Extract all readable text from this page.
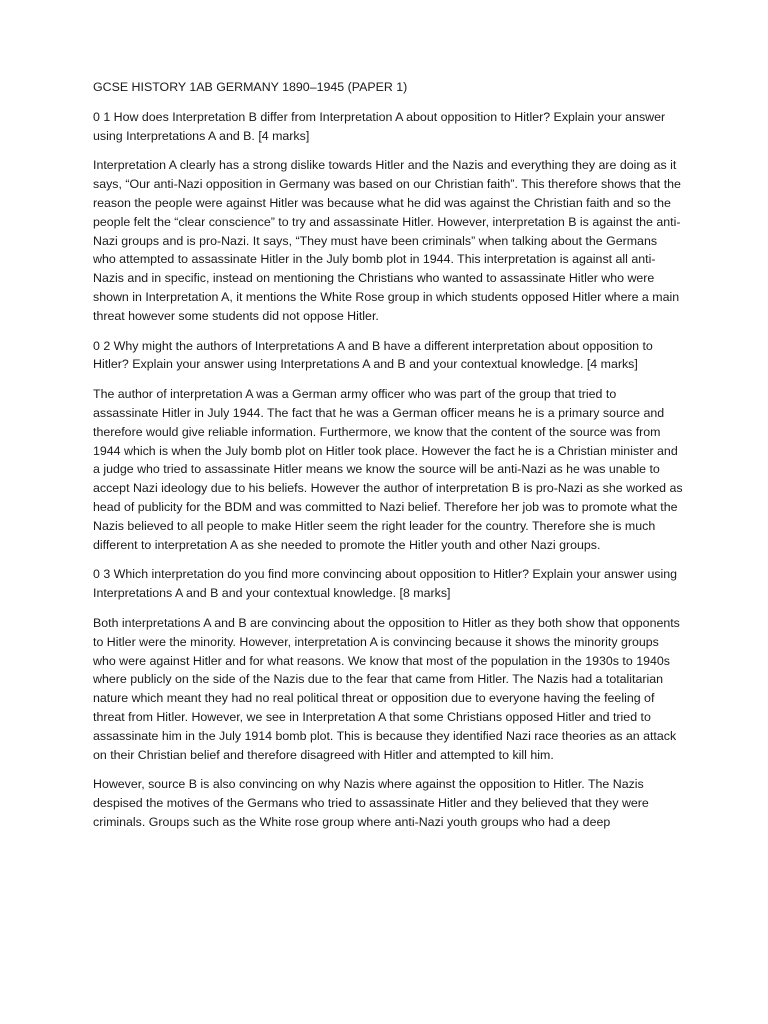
GCSE HISTORY 1AB GERMANY 1890–1945 (PAPER 1)

0 1 How does Interpretation B differ from Interpretation A about opposition to Hitler? Explain your answer using Interpretations A and B. [4 marks]

Interpretation A clearly has a strong dislike towards Hitler and the Nazis and everything they are doing as it says, “Our anti-Nazi opposition in Germany was based on our Christian faith”. This therefore shows that the reason the people were against Hitler was because what he did was against the Christian faith and so the people felt the “clear conscience” to try and assassinate Hitler. However, interpretation B is against the anti-Nazi groups and is pro-Nazi. It says, “They must have been criminals” when talking about the Germans who attempted to assassinate Hitler in the July bomb plot in 1944. This interpretation is against all anti-Nazis and in specific, instead on mentioning the Christians who wanted to assassinate Hitler who were shown in Interpretation A, it mentions the White Rose group in which students opposed Hitler where a main threat however some students did not oppose Hitler.

0 2 Why might the authors of Interpretations A and B have a different interpretation about opposition to Hitler? Explain your answer using Interpretations A and B and your contextual knowledge. [4 marks]

The author of interpretation A was a German army officer who was part of the group that tried to assassinate Hitler in July 1944. The fact that he was a German officer means he is a primary source and therefore would give reliable information. Furthermore, we know that the content of the source was from 1944 which is when the July bomb plot on Hitler took place. However the fact he is a Christian minister and a judge who tried to assassinate Hitler means we know the source will be anti-Nazi as he was unable to accept Nazi ideology due to his beliefs. However the author of interpretation B is pro-Nazi as she worked as head of publicity for the BDM and was committed to Nazi belief. Therefore her job was to promote what the Nazis believed to all people to make Hitler seem the right leader for the country. Therefore she is much different to interpretation A as she needed to promote the Hitler youth and other Nazi groups.

0 3 Which interpretation do you find more convincing about opposition to Hitler? Explain your answer using Interpretations A and B and your contextual knowledge. [8 marks]

Both interpretations A and B are convincing about the opposition to Hitler as they both show that opponents to Hitler were the minority. However, interpretation A is convincing because it shows the minority groups who were against Hitler and for what reasons. We know that most of the population in the 1930s to 1940s where publicly on the side of the Nazis due to the fear that came from Hitler. The Nazis had a totalitarian nature which meant they had no real political threat or opposition due to everyone having the feeling of threat from Hitler. However, we see in Interpretation A that some Christians opposed Hitler and tried to assassinate him in the July 1914 bomb plot. This is because they identified Nazi race theories as an attack on their Christian belief and therefore disagreed with Hitler and attempted to kill him.

However, source B is also convincing on why Nazis where against the opposition to Hitler. The Nazis despised the motives of the Germans who tried to assassinate Hitler and they believed that they were criminals. Groups such as the White rose group where anti-Nazi youth groups who had a deep
